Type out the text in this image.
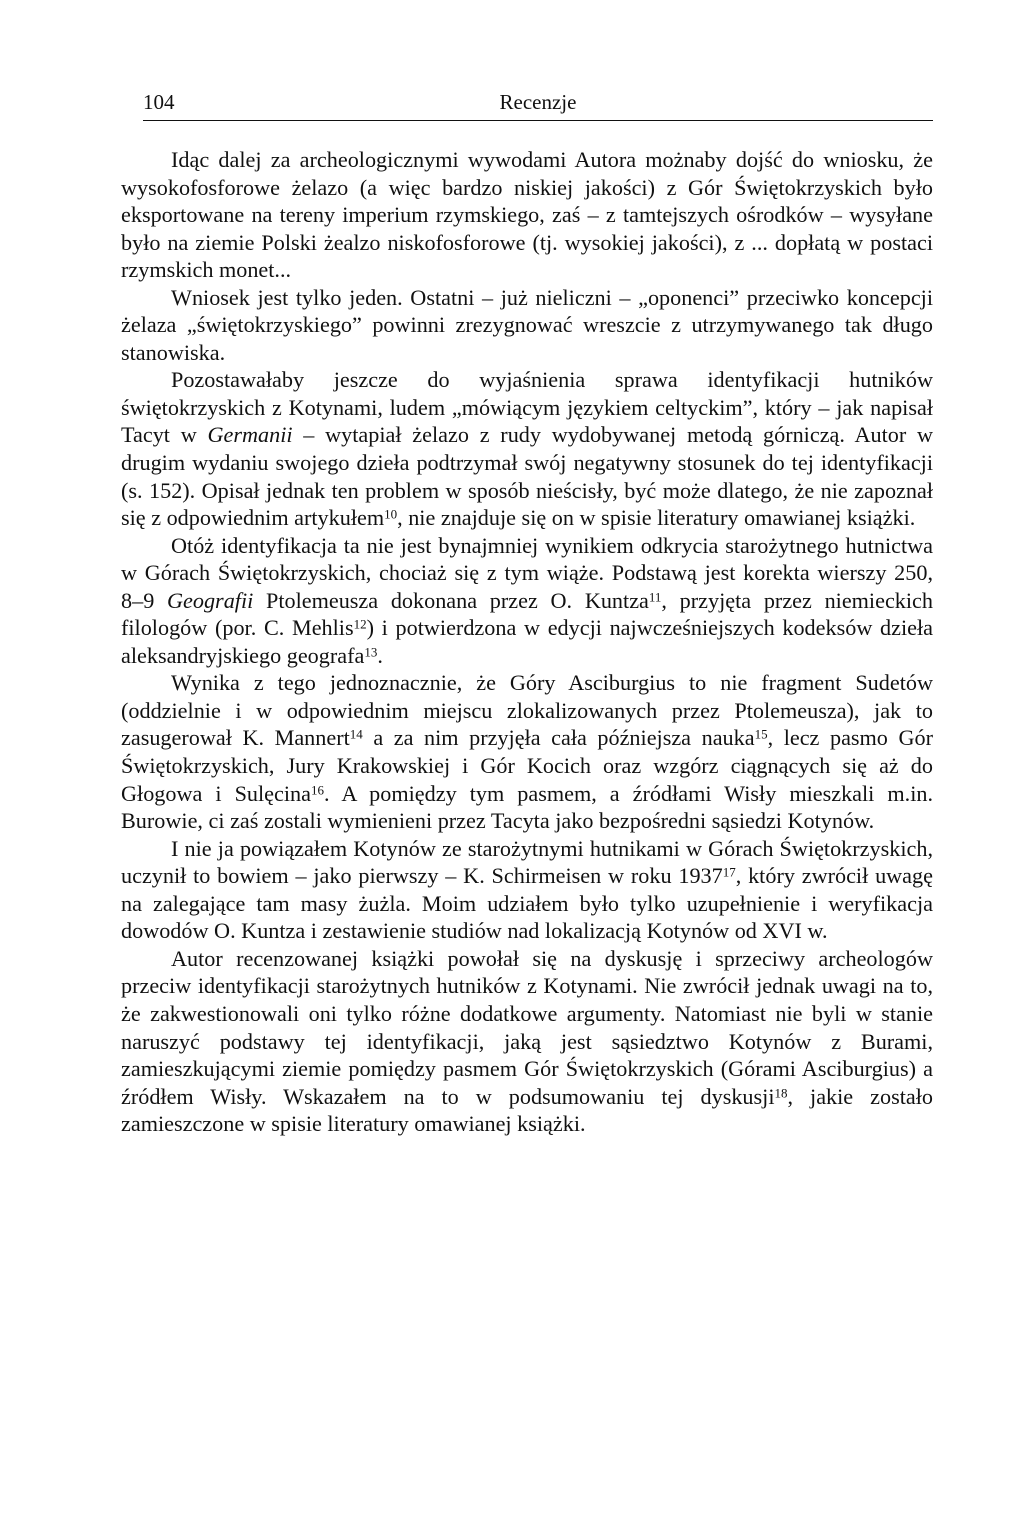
104	Recenzje

Idąc dalej za archeologicznymi wywodami Autora możnaby dojść do wniosku, że wysokofosforowe żelazo (a więc bardzo niskiej jakości) z Gór Świętokrzyskich było eksportowane na tereny imperium rzymskiego, zaś – z tamtejszych ośrodków – wysyłane było na ziemie Polski żealzo niskofosforowe (tj. wysokiej jakości), z ... dopłatą w postaci rzymskich monet...

Wniosek jest tylko jeden. Ostatni – już nieliczni – „oponenci” przeciwko koncepcji żelaza „świętokrzyskiego” powinni zrezygnować wreszcie z utrzymywanego tak długo stanowiska.

Pozostawałaby jeszcze do wyjaśnienia sprawa identyfikacji hutników świętokrzyskich z Kotynami, ludem „mówiącym językiem celtyckim”, który – jak napisał Tacyt w Germanii – wytapiał żelazo z rudy wydobywanej metodą górniczą. Autor w drugim wydaniu swojego dzieła podtrzymał swój negatywny stosunek do tej identyfikacji (s. 152). Opisał jednak ten problem w sposób nieścisły, być może dlatego, że nie zapoznał się z odpowiednim artykułem$^{10}$, nie znajduje się on w spisie literatury omawianej książki.

Otóż identyfikacja ta nie jest bynajmniej wynikiem odkrycia starożytnego hutnictwa w Górach Świętokrzyskich, chociaż się z tym wiąże. Podstawą jest korekta wierszy 250, 8–9 Geografii Ptolemeusza dokonana przez O. Kuntza$^{11}$, przyjęta przez niemieckich filologów (por. C. Mehlis$^{12}$) i potwierdzona w edycji najwcześniejszych kodeksów dzieła aleksandryjskiego geografa$^{13}$.

Wynika z tego jednoznacznie, że Góry Asciburgius to nie fragment Sudetów (oddzielnie i w odpowiednim miejscu zlokalizowanych przez Ptolemeusza), jak to zasugerował K. Mannert$^{14}$ a za nim przyjęła cała późniejsza nauka$^{15}$, lecz pasmo Gór Świętokrzyskich, Jury Krakowskiej i Gór Kocich oraz wzgórz ciągnących się aż do Głogowa i Sulęcina$^{16}$. A pomiędzy tym pasmem, a źródłami Wisły mieszkali m.in. Burowie, ci zaś zostali wymienieni przez Tacyta jako bezpośredni sąsiedzi Kotynów.

I nie ja powiązałem Kotynów ze starożytnymi hutnikami w Górach Świętokrzyskich, uczynił to bowiem – jako pierwszy – K. Schirmeisen w roku 1937$^{17}$, który zwrócił uwagę na zalegające tam masy żużla. Moim udziałem było tylko uzupełnienie i weryfikacja dowodów O. Kuntza i zestawienie studiów nad lokalizacją Kotynów od XVI w.

Autor recenzowanej książki powołał się na dyskusję i sprzeciwy archeologów przeciw identyfikacji starożytnych hutników z Kotynami. Nie zwrócił jednak uwagi na to, że zakwestionowali oni tylko różne dodatkowe argumenty. Natomiast nie byli w stanie naruszyć podstawy tej identyfikacji, jaką jest sąsiedztwo Kotynów z Burami, zamieszkującymi ziemie pomiędzy pasmem Gór Świętokrzyskich (Górami Asciburgius) a źródłem Wisły. Wskazałem na to w podsumowaniu tej dyskusji$^{18}$, jakie zostało zamieszczone w spisie literatury omawianej książki.
